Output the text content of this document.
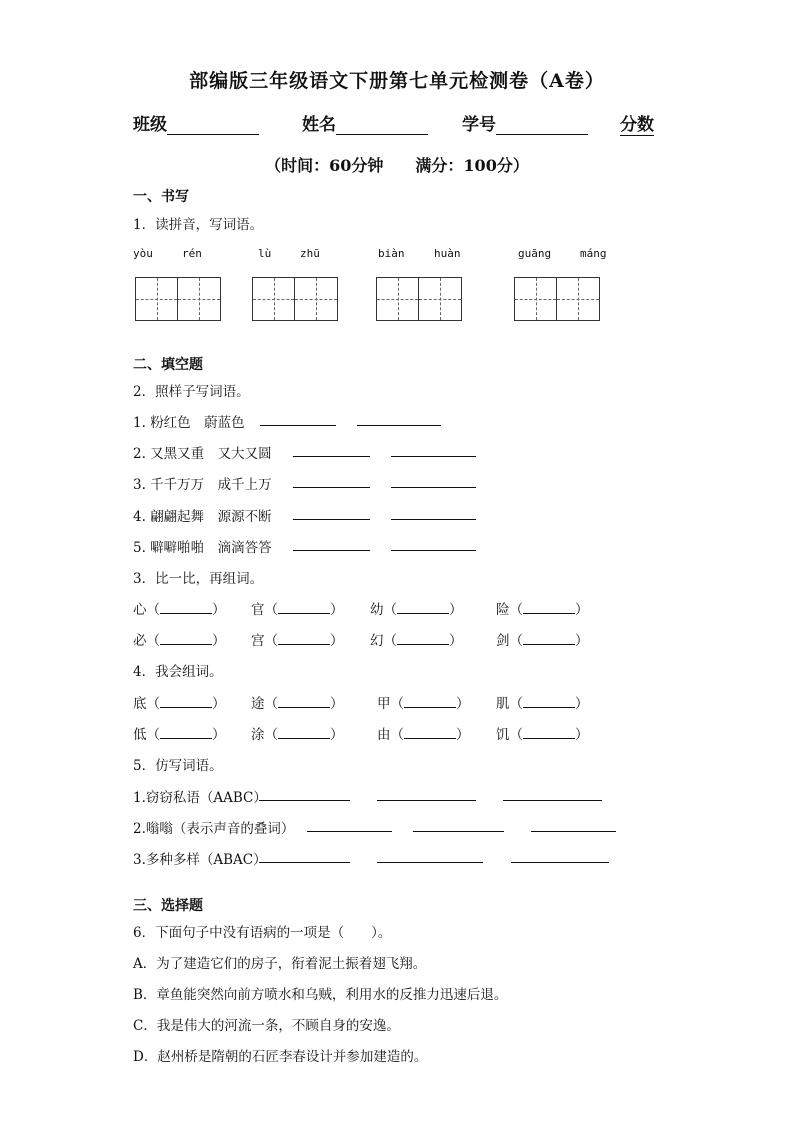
部编版三年级语文下册第七单元检测卷（A卷）
班级	姓名	学号	分数
（时间：60分钟　　满分：100分）
一、书写
1．读拼音，写词语。
yòu	rén	lù	zhū	biàn	huàn	guāng	máng
二、填空题
2．照样子写词语。
1. 粉红色　蔚蓝色
2. 又黑又重　又大又圆
3. 千千万万　成千上万
4. 翩翩起舞　源源不断
5. 噼噼啪啪　滴滴答答
3．比一比，再组词。
心（	） 官（	） 幼（	） 险（	）
必（	） 宫（	） 幻（	） 剑（	）
4．我会组词。
底（	） 途（	） 甲（	） 肌（	）
低（	） 涂（	） 由（	） 饥（	）
5．仿写词语。
1.窃窃私语（AABC）
2.嗡嗡（表示声音的叠词）
3.多种多样（ABAC）
三、选择题
6．下面句子中没有语病的一项是（　　）。
A．为了建造它们的房子，衔着泥土振着翅飞翔。
B．章鱼能突然向前方喷水和乌贼，利用水的反推力迅速后退。
C．我是伟大的河流一条，不顾自身的安逸。
D．赵州桥是隋朝的石匠李春设计并参加建造的。
